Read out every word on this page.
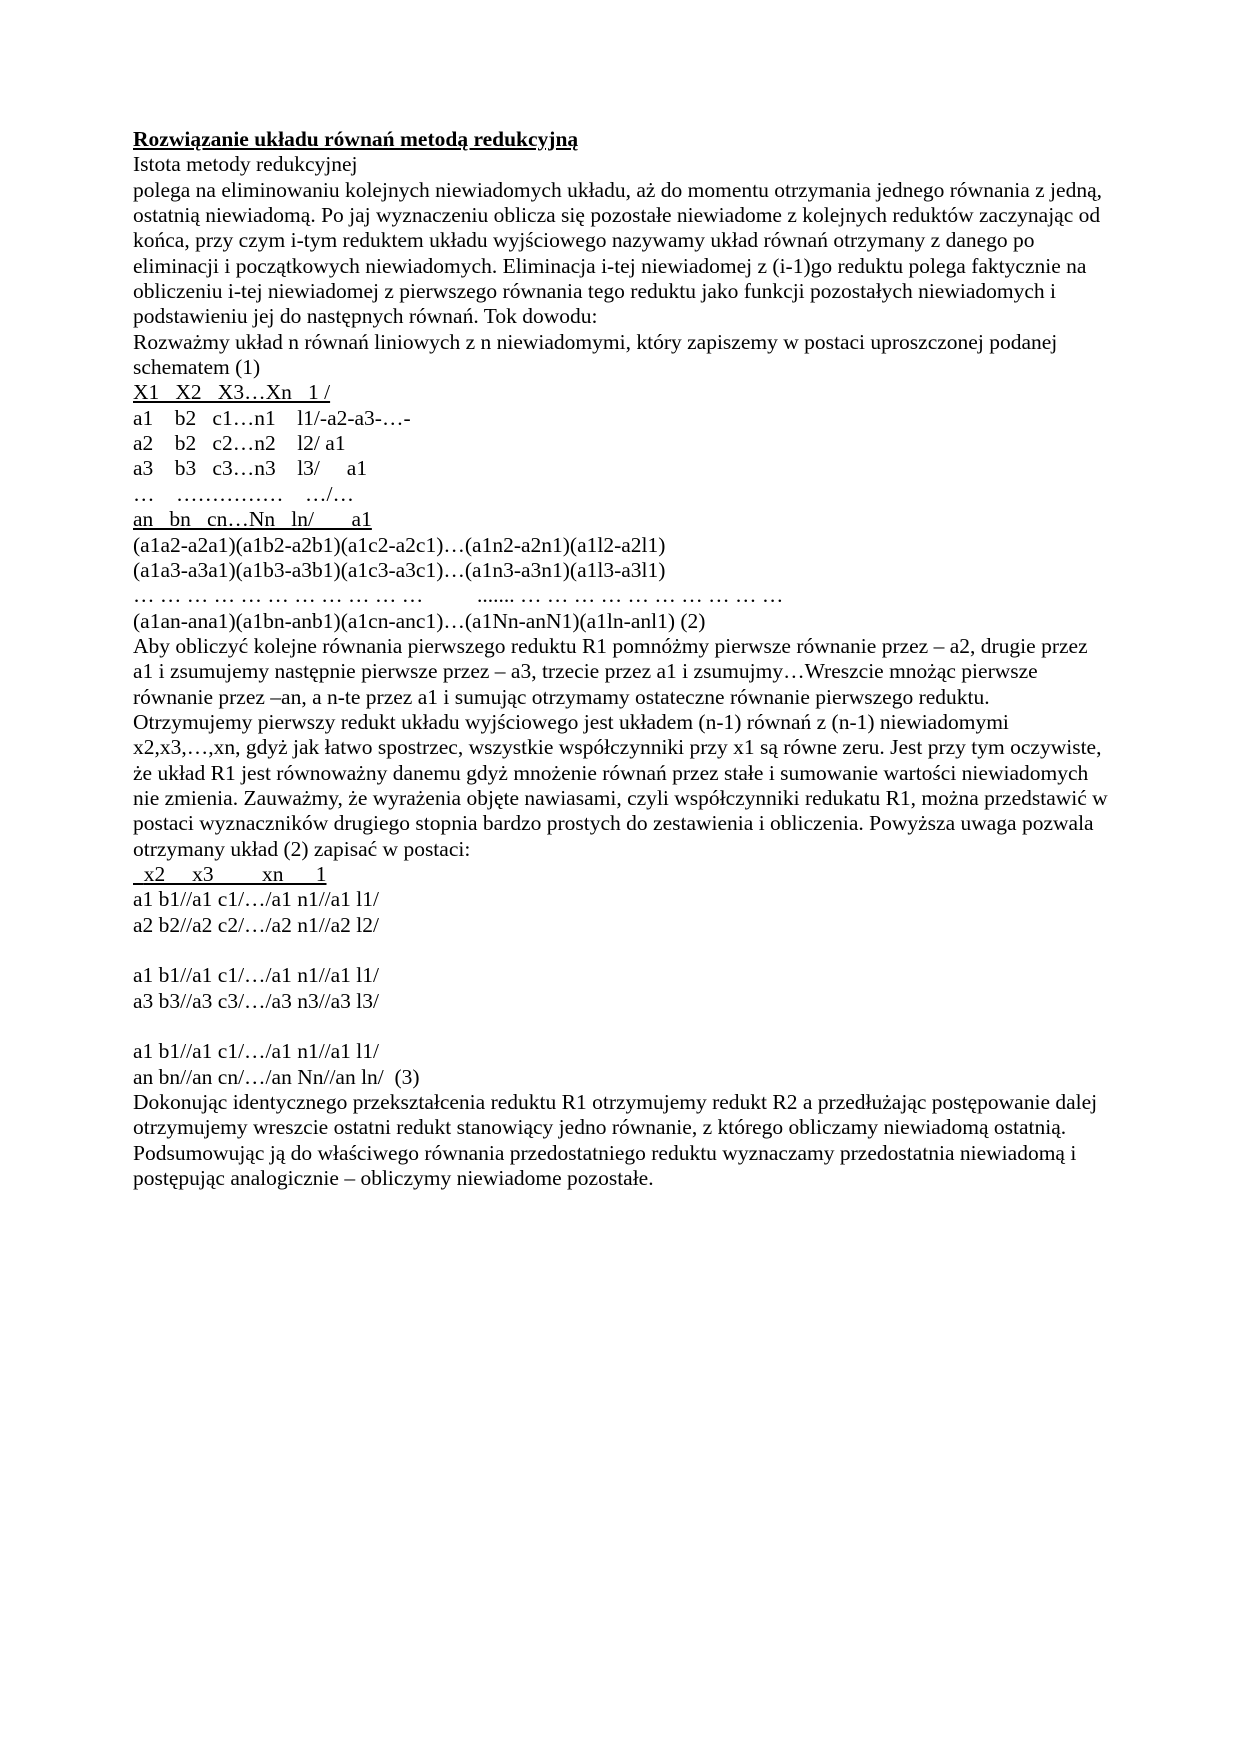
Rozwiązanie układu równań metodą redukcyjną
Istota metody redukcyjnej
polega na eliminowaniu kolejnych niewiadomych układu, aż do momentu otrzymania jednego równania z jedną, ostatnią niewiadomą. Po jaj wyznaczeniu oblicza się pozostałe niewiadome z kolejnych reduktów zaczynając od końca, przy czym i-tym reduktem układu wyjściowego nazywamy układ równań otrzymany z danego po eliminacji i początkowych niewiadomych. Eliminacja i-tej niewiadomej z (i-1)go reduktu polega faktycznie na obliczeniu i-tej niewiadomej z pierwszego równania tego reduktu jako funkcji pozostałych niewiadomych i podstawieniu jej do następnych równań. Tok dowodu:
Rozważmy układ n równań liniowych z n niewiadomymi, który zapiszemy w postaci uproszczonej podanej schematem (1)
X1   X2   X3…Xn   1 /
a1    b2   c1…n1    l1/-a2-a3-…-
a2    b2   c2…n2    l2/ a1
a3    b3   c3…n3    l3/     a1
…    ……………    …/…
an   bn   cn…Nn   ln/       a1
(a1a2-a2a1)(a1b2-a2b1)(a1c2-a2c1)…(a1n2-a2n1)(a1l2-a2l1)
(a1a3-a3a1)(a1b3-a3b1)(a1c3-a3c1)…(a1n3-a3n1)(a1l3-a3l1)
… … … … … … … … … … …          ....... … … … … … … … … … …
(a1an-ana1)(a1bn-anb1)(a1cn-anc1)…(a1Nn-anN1)(a1ln-anl1) (2)
Aby obliczyć kolejne równania pierwszego reduktu R1 pomnóżmy pierwsze równanie przez – a2, drugie przez a1 i zsumujemy następnie pierwsze przez – a3, trzecie przez a1 i zsumujmy…Wreszcie mnożąc pierwsze równanie przez –an, a n-te przez a1 i sumując otrzymamy ostateczne równanie pierwszego reduktu. Otrzymujemy pierwszy redukt układu wyjściowego jest układem (n-1) równań z (n-1) niewiadomymi x2,x3,…,xn, gdyż jak łatwo spostrzec, wszystkie współczynniki przy x1 są równe zeru. Jest przy tym oczywiste, że układ R1 jest równoważny danemu gdyż mnożenie równań przez stałe i sumowanie wartości niewiadomych nie zmienia. Zauważmy, że wyrażenia objęte nawiasami, czyli współczynniki redukatu R1, można przedstawić w postaci wyznaczników drugiego stopnia bardzo prostych do zestawienia i obliczenia. Powyższa uwaga pozwala otrzymany układ (2) zapisać w postaci:
x2     x3         xn      1
a1 b1//a1 c1/…/a1 n1//a1 l1/
a2 b2//a2 c2/…/a2 n1//a2 l2/
a1 b1//a1 c1/…/a1 n1//a1 l1/
a3 b3//a3 c3/…/a3 n3//a3 l3/
a1 b1//a1 c1/…/a1 n1//a1 l1/
an bn//an cn/…/an Nn//an ln/  (3)
Dokonując identycznego przekształcenia reduktu R1 otrzymujemy redukt R2 a przedłużając postępowanie dalej otrzymujemy wreszcie ostatni redukt stanowiący jedno równanie, z którego obliczamy niewiadomą ostatnią. Podsumowując ją do właściwego równania przedostatniego reduktu wyznaczamy przedostatnia niewiadomą i postępując analogicznie – obliczymy niewiadome pozostałe.
